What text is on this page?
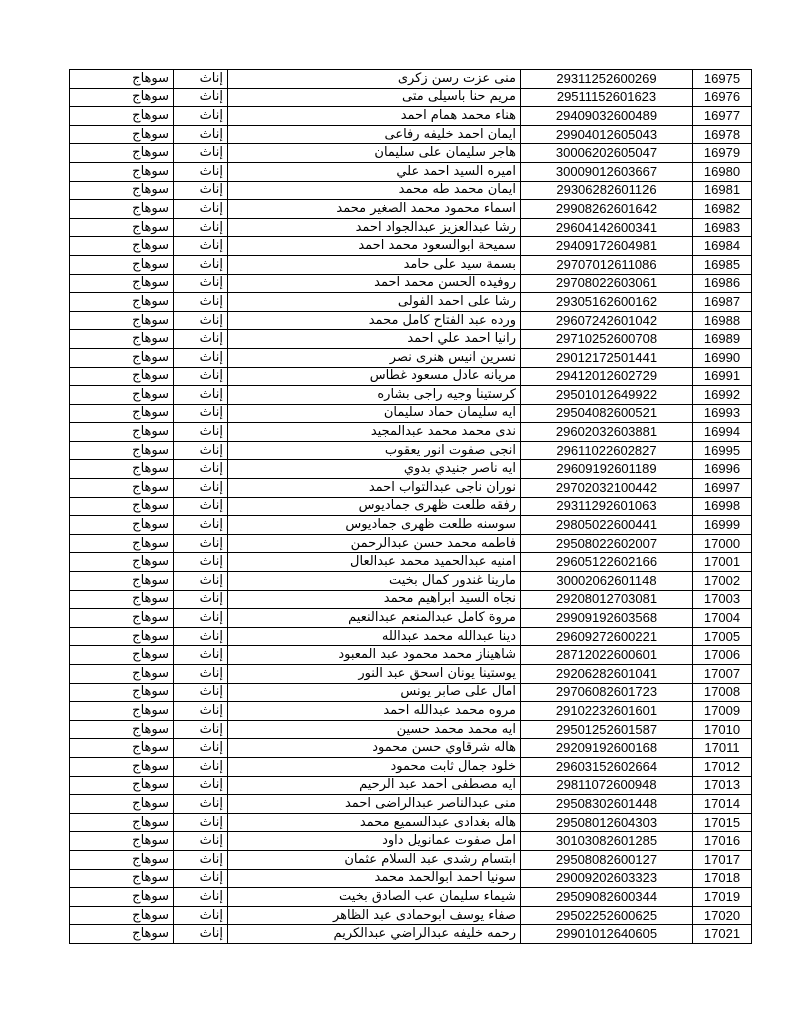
سوهاج	إناث	منى عزت رسن زكرى	29311252600269	16975
سوهاج	إناث	مريم حنا باسيلى متى	29511152601623	16976
سوهاج	إناث	هناء محمد همام احمد	29409032600489	16977
سوهاج	إناث	ايمان احمد خليفه رفاعى	29904012605043	16978
سوهاج	إناث	هاجر سليمان على سليمان	30006202605047	16979
سوهاج	إناث	اميره السيد احمد علي	30009012603667	16980
سوهاج	إناث	ايمان محمد طه محمد	29306282601126	16981
سوهاج	إناث	اسماء محمود محمد الصغير محمد	29908262601642	16982
سوهاج	إناث	رشا عبدالعزيز عبدالجواد احمد	29604142600341	16983
سوهاج	إناث	سميحة ابوالسعود محمد احمد	29409172604981	16984
سوهاج	إناث	بسمة سيد على حامد	29707012611086	16985
سوهاج	إناث	روفيده الحسن محمد احمد	29708022603061	16986
سوهاج	إناث	رشا على احمد الفولى	29305162600162	16987
سوهاج	إناث	ورده عبد الفتاح كامل محمد	29607242601042	16988
سوهاج	إناث	رانيا احمد علي احمد	29710252600708	16989
سوهاج	إناث	نسرين انيس هنرى نصر	29012172501441	16990
سوهاج	إناث	مريانه عادل مسعود غطاس	29412012602729	16991
سوهاج	إناث	كرستينا وجيه راجى بشاره	29501012649922	16992
سوهاج	إناث	ايه سليمان حماد سليمان	29504082600521	16993
سوهاج	إناث	ندى محمد محمد عبدالمجيد	29602032603881	16994
سوهاج	إناث	انجى صفوت انور يعقوب	29611022602827	16995
سوهاج	إناث	ايه ناصر جنيدي بدوي	29609192601189	16996
سوهاج	إناث	نوران ناجى عبدالتواب احمد	29702032100442	16997
سوهاج	إناث	رفقه طلعت ظهرى جماديوس	29311292601063	16998
سوهاج	إناث	سوسنه طلعت ظهرى جماديوس	29805022600441	16999
سوهاج	إناث	فاطمه محمد حسن عبدالرحمن	29508022602007	17000
سوهاج	إناث	امنيه عبدالحميد محمد عبدالعال	29605122602166	17001
سوهاج	إناث	مارينا غندور كمال بخيت	30002062601148	17002
سوهاج	إناث	نجاه السيد ابراهيم محمد	29208012703081	17003
سوهاج	إناث	مروة كامل عبدالمنعم عبدالنعيم	29909192603568	17004
سوهاج	إناث	دينا عبدالله محمد عبدالله	29609272600221	17005
سوهاج	إناث	شاهيناز محمد محمود عبد المعبود	28712022600601	17006
سوهاج	إناث	يوستينا يونان اسحق عبد النور	29206282601041	17007
سوهاج	إناث	امال على صابر يونس	29706082601723	17008
سوهاج	إناث	مروه محمد عبدالله احمد	29102232601601	17009
سوهاج	إناث	ايه محمد محمد حسين	29501252601587	17010
سوهاج	إناث	هاله شرقاوي حسن محمود	29209192600168	17011
سوهاج	إناث	خلود جمال ثابت محمود	29603152602664	17012
سوهاج	إناث	ايه مصطفى احمد عبد الرحيم	29811072600948	17013
سوهاج	إناث	منى عبدالناصر عبدالراضى احمد	29508302601448	17014
سوهاج	إناث	هاله بغدادى عبدالسميع محمد	29508012604303	17015
سوهاج	إناث	امل صفوت عمانويل داود	30103082601285	17016
سوهاج	إناث	ابتسام رشدى عبد السلام عثمان	29508082600127	17017
سوهاج	إناث	سونيا احمد ابوالحمد محمد	29009202603323	17018
سوهاج	إناث	شيماء سليمان عب الصادق بخيت	29509082600344	17019
سوهاج	إناث	صفاء يوسف ابوحمادى عبد الظاهر	29502252600625	17020
سوهاج	إناث	رحمه خليفه عبدالراضي عبدالكريم	29901012640605	17021
